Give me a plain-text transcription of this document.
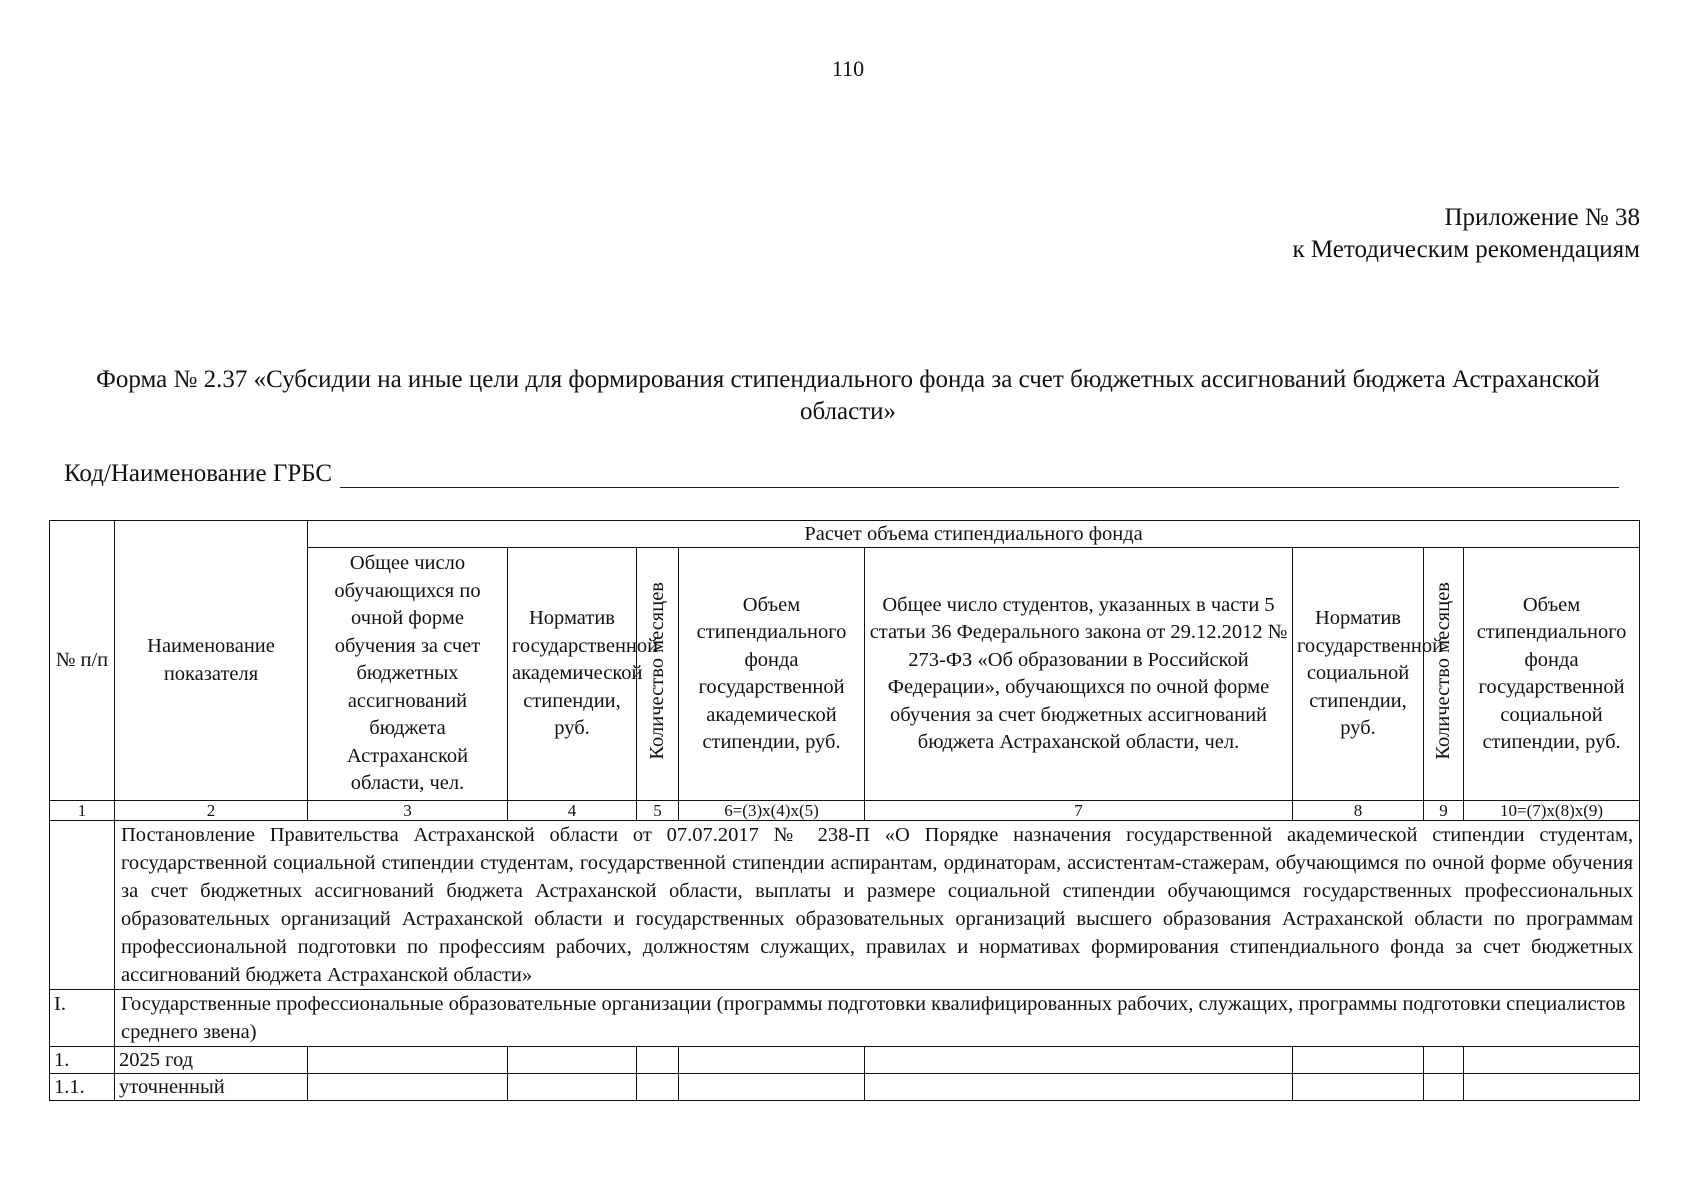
110
Приложение № 38
к Методическим рекомендациям
Форма № 2.37 «Субсидии на иные цели для формирования стипендиального фонда за счет бюджетных ассигнований бюджета Астраханской области»
Код/Наименование ГРБС
№ п/п	Наименование показателя	Расчет объема стипендиального фонда							
		Общее число обучающихся по очной форме обучения за счет бюджетных ассигнований бюджета Астраханской области, чел.	Норматив государственной академической стипендии, руб.	Количество месяцев	Объем стипендиального фонда государственной академической стипендии, руб.	Общее число студентов, указанных в части 5 статьи 36 Федерального закона от 29.12.2012 № 273-ФЗ «Об образовании в Российской Федерации», обучающихся по очной форме обучения за счет бюджетных ассигнований бюджета Астраханской области, чел.	Норматив государственной социальной стипендии, руб.	Количество месяцев	Объем стипендиального фонда государственной социальной стипендии, руб.
1	2	3	4	5	6=(3)x(4)x(5)	7	8	9	10=(7)x(8)x(9)
	Постановление Правительства Астраханской области от 07.07.2017 № 238-П «О Порядке назначения государственной академической стипендии студентам, государственной социальной стипендии студентам, государственной стипендии аспирантам, ординаторам, ассистентам-стажерам, обучающимся по очной форме обучения за счет бюджетных ассигнований бюджета Астраханской области, выплаты и размере социальной стипендии обучающимся государственных профессиональных образовательных организаций Астраханской области и государственных образовательных организаций высшего образования Астраханской области по программам профессиональной подготовки по профессиям рабочих, должностям служащих, правилах и нормативах формирования стипендиального фонда за счет бюджетных ассигнований бюджета Астраханской области»								
I.	Государственные профессиональные образовательные организации (программы подготовки квалифицированных рабочих, служащих, программы подготовки специалистов среднего звена)								
1.	2025 год								
1.1.	уточненный								
